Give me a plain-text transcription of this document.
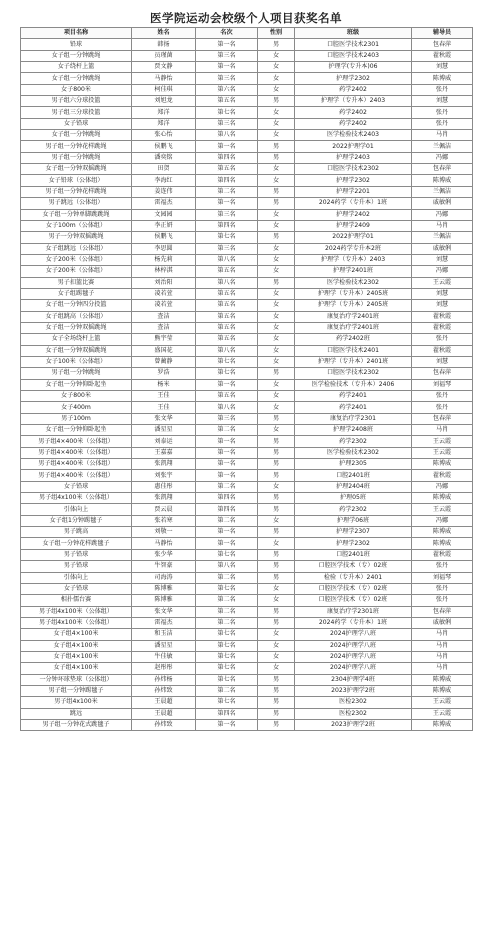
医学院运动会校级个人项目获奖名单
项目名称	姓名	名次	性别	班级	辅导员
铅球	韩扬	第一名	男	口腔医学技术2301	包春萍
女子组一分钟跳绳	员瑾菌	第三名	女	口腔医学技术2403	翟秋霞
女子绕杆上篮	贾文静	第一名	女	护理学(专升本)06	刘慧
女子组一分钟跳绳	马静怡	第三名	女	护理学2302	陈博威
女子800米	柯佳琪	第六名	女	药学2402	张丹
男子组六分球投篮	刘旭龙	第五名	男	护理学（专升本）2403	刘慧
男子组三分球投篮	郑洋	第七名	女	药学2402	张丹
女子铅球	郑洋	第三名	女	药学2402	张丹
女子组一分钟跳绳	张心怡	第八名	女	医学检验技术2403	马肖
男子组一分钟花样跳绳	侯鹏飞	第一名	男	2022护理学01	兰佩洁
男子组一分钟跳绳	潘奕铭	第四名	男	护理学2403	冯娜
女子组一分钟双摇跳绳	田贺	第五名	女	口腔医学技术2302	包春萍
女子铅球（公体组）	李海红	第四名	女	护理学2302	陈博威
男子组一分钟花样跳绳	姜连伟	第二名	男	护理学2201	兰佩洁
男子跳远（公体组）	雷福杰	第一名	男	2024药学（专升本）1班	戚敏俐
女子组一分钟单脚跳跳绳	文园园	第三名	女	护理学2402	冯娜
女子100m（公体组）	李正妍	第四名	女	护理学2409	马肖
男子一分钟双摇跳绳	侯鹏飞	第七名	男	2022护理学01	兰佩洁
女子组跳远（公体组）	李思圆	第三名	女	2024药学专升本2班	戚敏俐
女子200米（公体组）	杨先莉	第八名	女	护理学（专升本）2403	刘慧
女子200米（公体组）	林梓淇	第五名	女	护理学2401班	冯娜
男子扣篮比赛	刘治阳	第八名	男	医学检验技术2302	王云霞
女子组踢毽子	凌若萱	第五名	女	护理学（专升本）2405班	刘慧
女子组一分钟四分投篮	凌若萱	第五名	女	护理学（专升本）2405班	刘慧
女子组跳高（公体组）	查洁	第五名	女	康复治疗学2401班	翟秋霞
女子组一分钟双摇跳绳	查洁	第五名	女	康复治疗学2401班	翟秋霞
女子全场绕杆上篮	熊宇莹	第五名	女	药学2402班	张丹
女子组一分钟双摇跳绳	盛国花	第八名	女	口腔医学技术2401	翟秋霞
女子100米（公体组）	曾蔺静	第七名	女	护理学（专升本）2401班	刘慧
男子组一分钟跳绳	罗浩	第七名	男	口腔医学技术2302	包春萍
女子组一分钟仰卧起坐	杨米	第一名	女	医学检验技术（专升本）2406	刘福琴
女子800米	王佳	第五名	女	药学2401	张丹
女子400m	王佳	第八名	女	药学2401	张丹
男子100m	张文华	第三名	男	康复治疗学2301	包春萍
女子组一分钟仰卧起坐	潘星星	第二名	女	护理学2408班	马肖
男子组4×400米（公体组）	刘泰运	第一名	男	药学2302	王云霞
男子组4×400米（公体组）	王嘉嘉	第一名	男	医学检验技术2302	王云霞
男子组4×400米（公体组）	张凯翔	第一名	男	护理2305	陈博威
男子组4×400米（公体组）	刘张宇	第一名	男	口腔2401班	翟秋霞
女子铅球	惠佳彤	第二名	女	护理2404班	冯娜
男子组4x100米（公体组）	张凯翔	第四名	男	护理05班	陈博威
引体向上	贾云晨	第四名	男	药学2302	王云霞
女子组1分钟踢毽子	张若寒	第二名	女	护理学06班	冯娜
男子跳高	刘敬一	第一名	男	护理学2307	陈博威
女子组一分钟花样跳毽子	马静怡	第一名	女	护理学2302	陈博威
男子铅球	张少华	第七名	男	口腔2401班	翟秋霞
男子铅球	牛智豪	第八名	男	口腔医学技术（专）02班	张丹
引体向上	司海涛	第二名	男	检验（专升本）2401	刘福琴
女子铅球	陈博雅	第七名	女	口腔医学技术（专）02班	张丹
相扑儒台赛	陈博雅	第二名	女	口腔医学技术（专）02班	张丹
男子组4x100米（公体组）	张文华	第二名	男	康复治疗学2301班	包春萍
男子组4x100米（公体组）	雷福杰	第二名	男	2024药学（专升本）1班	戚敏俐
女子组4×100米	和玉洁	第七名	女	2024护理学八班	马肖
女子组4×100米	潘星星	第七名	女	2024护理学八班	马肖
女子组4×100米	牛佳敏	第七名	女	2024护理学八班	马肖
女子组4×100米	赵彤彤	第七名	女	2024护理学八班	马肖
一分钟坏球垫球（公体组）	孙炜杨	第七名	男	2304护理学4班	陈博威
男子组一分钟踢毽子	孙炜致	第二名	男	2023护理学2班	陈博威
男子组4x100米	王晨超	第七名	男	医检2302	王云霞
跳远	王晨超	第四名	男	医检2302	王云霞
男子组一分钟花式跳毽子	孙炜致	第一名	男	2023护理学2班	陈博威
